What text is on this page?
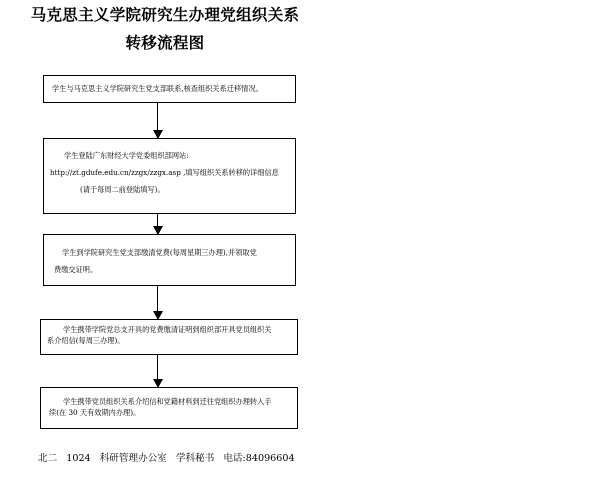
马克思主义学院研究生办理党组织关系
转移流程图

学生与马克思主义学院研究生党支部联系,核查组织关系迁移情况。

学生登陆广东财经大学党委组织部网站:

http://zt.gdufe.edu.cn/zzgx/zzgx.asp ,填写组织关系转移的详细信息

(请于每周二前登陆填写)。

学生到学院研究生党支部缴清党费(每周星期三办理),并领取党

费缴交证明。

学生携带学院党总支开具的党费缴清证明到组织部开具党员组织关

系介绍信(每周三办理)。

学生携带党员组织关系介绍信和党籍材料到迁往党组织办理转入手

续(在 30 天有效期内办理)。

北二 1024 科研管理办公室 学科秘书 电话:84096604
